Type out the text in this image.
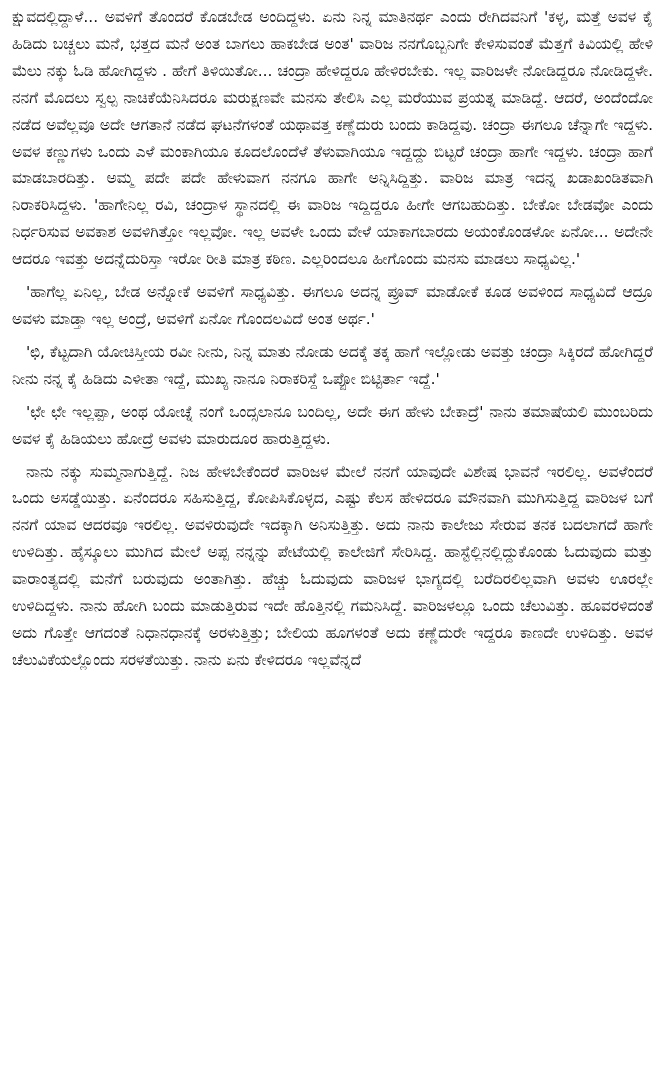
ಕ್ಷುವದಲ್ಲಿದ್ದಾಳೆ... ಅವಳಿಗೆ ತೊಂದರೆ ಕೊಡಬೇಡ ಅಂದಿದ್ದಳು. ಏನು ನಿನ್ನ ಮಾತಿನರ್ಥ ಎಂದು ರೇಗಿದವನಿಗೆ 'ಕಳ್ಳ, ಮತ್ತೆ ಅವಳ ಕೈ ಹಿಡಿದು ಬಚ್ಚಲು ಮನೆ, ಭತ್ತದ ಮನೆ ಅಂತ ಬಾಗಲು ಹಾಕಬೇಡ ಅಂತ' ವಾರಿಜ ನನಗೊಬ್ಬನಿಗೇ ಕೇಳಿಸುವಂತೆ ಮೆತ್ತಗೆ ಕಿವಿಯಲ್ಲಿ ಹೇಳಿ ಮೆಲು ನಕ್ಕು ಓಡಿ ಹೋಗಿದ್ದಳು . ಹೇಗೆ ತಿಳಿಯಿತೋ... ಚಂದ್ರಾ ಹೇಳಿದ್ದರೂ ಹೇಳಿರಬೇಕು. ಇಲ್ಲ ವಾರಿಜಳೇ ನೋಡಿದ್ದರೂ ನೋಡಿದ್ದಳೇ. ನನಗೆ ಮೊದಲು ಸ್ವಲ್ಪ ನಾಚಿಕೆಯೆನಿಸಿದರೂ ಮರುಕ್ಷಣವೇ ಮನಸು ತೇಲಿಸಿ ಎಲ್ಲ ಮರೆಯುವ ಪ್ರಯತ್ನ ಮಾಡಿದ್ದೆ. ಆದರೆ, ಅಂದೆಂದೋ ನಡೆದ ಅವೆಲ್ಲವೂ ಅದೇ ಆಗತಾನೆ ನಡೆದ ಘಟನೆಗಳಂತೆ ಯಥಾವತ್ತ ಕಣ್ಣೆದುರು ಬಂದು ಕಾಡಿದ್ದವು. ಚಂದ್ರಾ ಈಗಲೂ ಚೆನ್ನಾಗೇ ಇದ್ದಳು. ಅವಳ ಕಣ್ಣುಗಳು ಒಂದು ಎಳೆ ಮಂಕಾಗಿಯೂ ಕೂದಲೊಂದೆಳೆ ತೆಳುವಾಗಿಯೂ ಇದ್ದದ್ದು ಬಿಟ್ಟರೆ ಚಂದ್ರಾ ಹಾಗೇ ಇದ್ದಳು. ಚಂದ್ರಾ ಹಾಗೆ ಮಾಡಬಾರದಿತ್ತು. ಅಮ್ಮ ಪದೇ ಪದೇ ಹೇಳುವಾಗ ನನಗೂ ಹಾಗೇ ಅನ್ನಿಸಿದ್ದಿತ್ತು. ವಾರಿಜ ಮಾತ್ರ ಇದನ್ನ ಖಡಾಖಂಡಿತವಾಗಿ ನಿರಾಕರಿಸಿದ್ದಳು. 'ಹಾಗೇನಿಲ್ಲ ರವಿ, ಚಂದ್ರಾಳ ಸ್ಥಾನದಲ್ಲಿ ಈ ವಾರಿಜ ಇದ್ದಿದ್ದರೂ ಹೀಗೇ ಆಗಬಹುದಿತ್ತು. ಬೇಕೋ ಬೇಡವೋ ಎಂದು ನಿರ್ಧರಿಸುವ ಅವಕಾಶ ಅವಳಿಗಿತ್ತೋ ಇಲ್ಲವೋ. ಇಲ್ಲ ಅವಳೇ ಒಂದು ವೇಳೆ ಯಾಕಾಗಬಾರದು ಅಯಂಕೊಂಡಳೋ ಏನೋ... ಅದೇನೇ ಆದರೂ ಇವತ್ತು ಅದನ್ನೆದುರಿಸ್ತಾ ಇರೋ ರೀತಿ ಮಾತ್ರ ಕಠಿಣ. ಎಲ್ಲರಿಂದಲೂ ಹೀಗೊಂದು ಮನಸು ಮಾಡಲು ಸಾಧ್ಯವಿಲ್ಲ.'

'ಹಾಗೆಲ್ಲ ಏನಿಲ್ಲ, ಬೇಡ ಅನ್ನೋಕೆ ಅವಳಿಗೆ ಸಾಧ್ಯವಿತ್ತು. ಈಗಲೂ ಅದನ್ನ ಪ್ರೂವ್ ಮಾಡೋಕೆ ಕೂಡ ಅವಳಿಂದ ಸಾಧ್ಯವಿದೆ ಆದ್ರೂ ಅವಳು ಮಾಡ್ತಾ ಇಲ್ಲ ಅಂದ್ರೆ, ಅವಳಿಗೆ ಏನೋ ಗೊಂದಲವಿದೆ ಅಂತ ಅರ್ಥ.'

'ಛಿ, ಕೆಟ್ಟದಾಗಿ ಯೋಚಿಸ್ತೀಯ ರವೀ ನೀನು, ನಿನ್ನ ಮಾತು ನೋಡು ಅದಕ್ಕೆ ತಕ್ಕ ಹಾಗೆ ಇಲ್ಲೋಡು ಅವತ್ತು ಚಂದ್ರಾ ಸಿಕ್ಕಿರದೆ ಹೋಗಿದ್ದರೆ ನೀನು ನನ್ನ ಕೈ ಹಿಡಿದು ಎಳೀತಾ ಇದ್ದೆ, ಮುಖ್ಯ ನಾನೂ ನಿರಾಕರಿಸ್ದೆ ಒಪ್ಪೋ ಬಿಟ್ಟಿರ್ತಾ ಇದ್ದೆ.'

'ಛೇ ಛೇ ಇಲ್ಲಪ್ಪಾ, ಅಂಥ ಯೋಚ್ನೆ ನಂಗೆ ಒಂದ್ಸಲಾನೂ ಬಂದಿಲ್ಲ, ಅದೇ ಈಗ ಹೇಳು ಬೇಕಾದ್ರೆ' ನಾನು ತಮಾಷೆಯಲಿ ಮುಂಬರಿದು ಅವಳ ಕೈ ಹಿಡಿಯಲು ಹೋದ್ರೆ ಅವಳು ಮಾರುದೂರ ಹಾರುತ್ತಿದ್ದಳು.

ನಾನು ನಕ್ಕು ಸುಮ್ಮನಾಗುತ್ತಿದ್ದೆ. ನಿಜ ಹೇಳಬೇಕೆಂದರೆ ವಾರಿಜಳ ಮೇಲೆ ನನಗೆ ಯಾವುದೇ ವಿಶೇಷ ಭಾವನೆ ಇರಲಿಲ್ಲ. ಅವಳೆಂದರೆ ಒಂದು ಅಸಡ್ಡೆಯಿತ್ತು. ಏನೆಂದರೂ ಸಹಿಸುತ್ತಿದ್ದ, ಕೋಪಿಸಿಕೊಳ್ಳದ, ಎಷ್ಟು ಕೆಲಸ ಹೇಳಿದರೂ ಮೌನವಾಗಿ ಮುಗಿಸುತ್ತಿದ್ದ ವಾರಿಜಳ ಬಗೆ ನನಗೆ ಯಾವ ಆದರವೂ ಇರಲಿಲ್ಲ. ಅವಳಿರುವುದೇ ಇದಕ್ಕಾಗಿ ಅನಿಸುತ್ತಿತ್ತು. ಅದು ನಾನು ಕಾಲೇಜು ಸೇರುವ ತನಕ ಬದಲಾಗದೆ ಹಾಗೇ ಉಳಿದಿತ್ತು. ಹೈಸ್ಕೂಲು ಮುಗಿದ ಮೇಲೆ ಅಪ್ಪ ನನ್ನನ್ನು ಪೇಟೆಯಲ್ಲಿ ಕಾಲೇಜಿಗೆ ಸೇರಿಸಿದ್ದ. ಹಾಸ್ಟೆಲ್ಲಿನಲ್ಲಿದ್ದುಕೊಂಡು ಓದುವುದು ಮತ್ತು ವಾರಾಂತ್ಯದಲ್ಲಿ ಮನೆಗೆ ಬರುವುದು ಅಂತಾಗಿತ್ತು. ಹೆಚ್ಚು ಓದುವುದು ವಾರಿಜಳ ಭಾಗ್ಯದಲ್ಲಿ ಬರೆದಿರಲಿಲ್ಲವಾಗಿ ಅವಳು ಊರಲ್ಲೇ ಉಳಿದಿದ್ದಳು. ನಾನು ಹೋಗಿ ಬಂದು ಮಾಡುತ್ತಿರುವ ಇದೇ ಹೊತ್ತಿನಲ್ಲಿ ಗಮನಿಸಿದ್ದೆ. ವಾರಿಜಳಲ್ಲೂ ಒಂದು ಚೆಲುವಿತ್ತು. ಹೂವರಳಿದಂತೆ ಅದು ಗೊತ್ತೇ ಆಗದಂತೆ ನಿಧಾನಧಾನಕ್ಕೆ ಅರಳುತ್ತಿತ್ತು; ಬೇಲಿಯ ಹೂಗಳಂತೆ ಅದು ಕಣ್ಣೆದುರೇ ಇದ್ದರೂ ಕಾಣದೇ ಉಳಿದಿತ್ತು. ಅವಳ ಚೆಲುವಿಕೆಯಲ್ಲೊಂದು ಸರಳತೆಯಿತ್ತು. ನಾನು ಏನು ಕೇಳಿದರೂ ಇಲ್ಲವೆನ್ನದೆ
